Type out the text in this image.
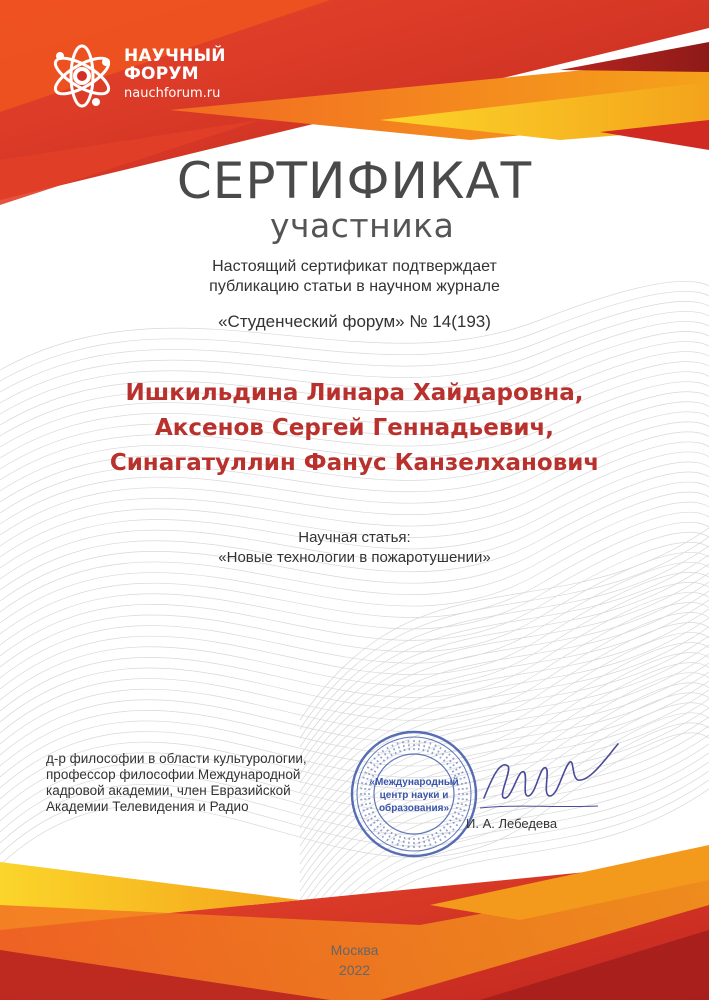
НАУЧНЫЙ
ФОРУМ
nauchforum.ru
СЕРТИФИКАТ
участника
Настоящий сертификат подтверждает
публикацию статьи в научном журнале
«Студенческий форум» № 14(193)
Ишкильдина Линара Хайдаровна,
Аксенов Сергей Геннадьевич,
Синагатуллин Фанус Канзелханович
Научная статья:
«Новые технологии в пожаротушении»
д-р философии в области культурологии,
профессор философии Международной
кадровой академии, член Евразийской
Академии Телевидения и Радио
«Международный
центр науки и
образования»
И. А. Лебедева
Москва
2022
